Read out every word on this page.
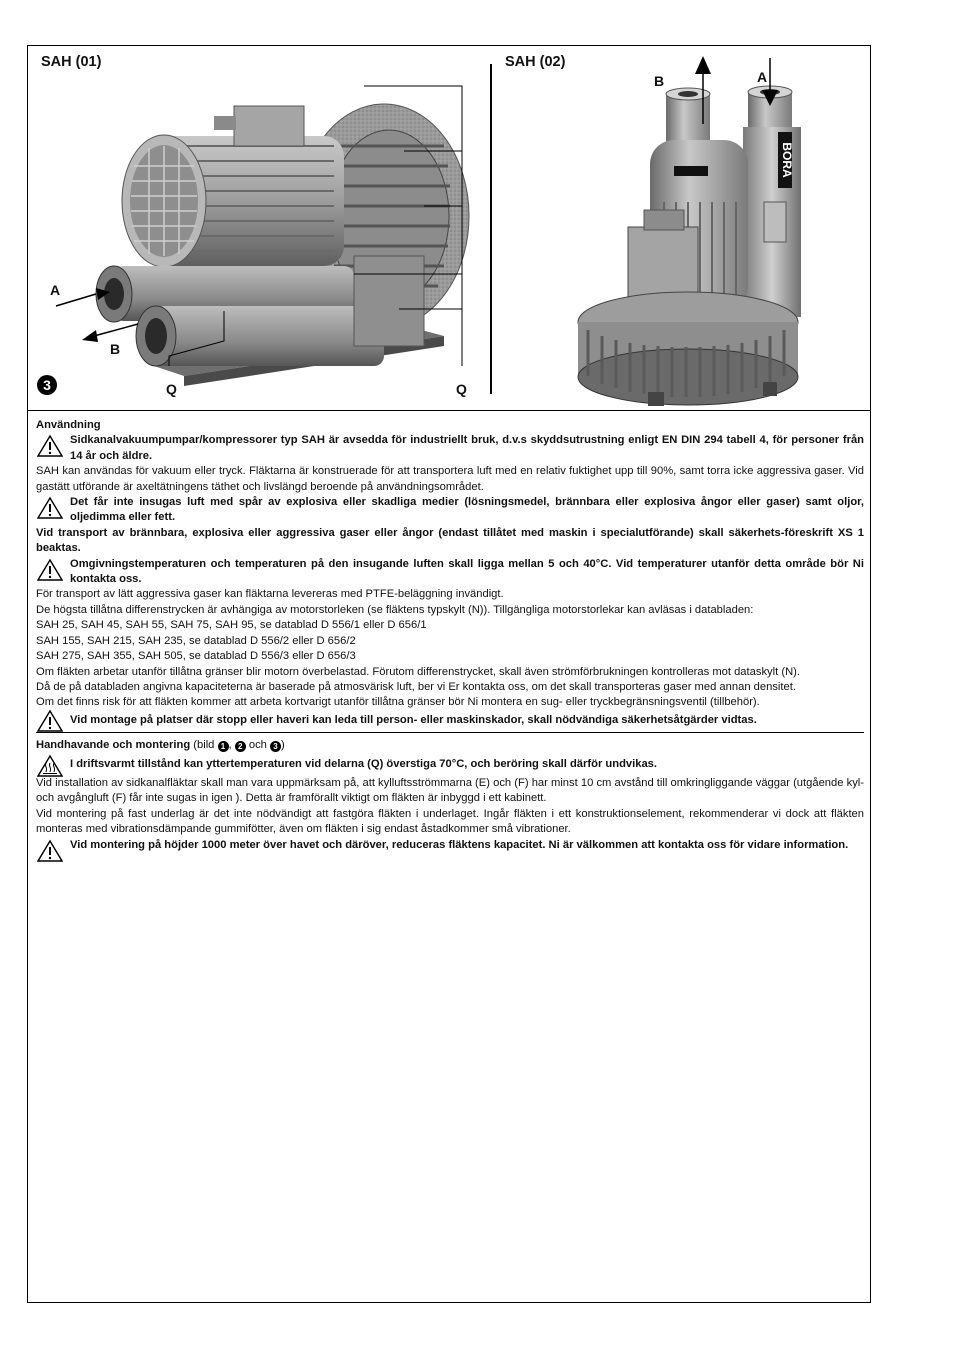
SAH (01)
A
B
Q	Q
3
SAH (02)
BORA
B	A

Användning

Sidkanalvakuumpumpar/kompressorer typ SAH är avsedda för industriellt bruk, d.v.s skyddsutrustning enligt EN DIN 294 tabell 4, för personer från 14 år och äldre.

SAH kan användas för vakuum eller tryck. Fläktarna är konstruerade för att transportera luft med en relativ fuktighet upp till 90%, samt torra icke aggressiva gaser. Vid gastätt utförande är axeltätningens täthet och livslängd beroende på användningsområdet.

Det får inte insugas luft med spår av explosiva eller skadliga medier (lösningsmedel, brännbara eller explosiva ångor eller gaser) samt oljor, oljedimma eller fett.

Vid transport av brännbara, explosiva eller aggressiva gaser eller ångor (endast tillåtet med maskin i specialutförande) skall säkerhets-föreskrift XS 1 beaktas.

Omgivningstemperaturen och temperaturen på den insugande luften skall ligga mellan 5 och 40°C. Vid temperaturer utanför detta område bör Ni kontakta oss.

För transport av lätt aggressiva gaser kan fläktarna levereras med PTFE-beläggning invändigt.

De högsta tillåtna differenstrycken är avhängiga av motorstorleken (se fläktens typskylt (N)). Tillgängliga motorstorlekar kan avläsas i databladen:

SAH 25, SAH 45, SAH 55, SAH 75, SAH 95, se datablad D 556/1 eller D 656/1

SAH 155, SAH 215, SAH 235, se datablad D 556/2 eller D 656/2

SAH 275, SAH 355, SAH 505, se datablad D 556/3 eller D 656/3

Om fläkten arbetar utanför tillåtna gränser blir motorn överbelastad. Förutom differenstrycket, skall även strömförbrukningen kontrolleras mot dataskylt (N).

Då de på databladen angivna kapaciteterna är baserade på atmosvärisk luft, ber vi Er kontakta oss, om det skall transporteras gaser med annan densitet.

Om det finns risk för att fläkten kommer att arbeta kortvarigt utanför tillåtna gränser bör Ni montera en sug- eller tryckbegränsningsventil (tillbehör).

Vid montage på platser där stopp eller haveri kan leda till person- eller maskinskador, skall nödvändiga säkerhetsåtgärder vidtas.

Handhavande och montering (bild 1 , 2 och 3 )

I driftsvarmt tillstånd kan yttertemperaturen vid delarna (Q) överstiga 70°C, och beröring skall därför undvikas.

Vid installation av sidkanalfläktar skall man vara uppmärksam på, att kylluftsströmmarna (E) och (F) har minst 10 cm avstånd till omkringliggande väggar (utgående kyl- och avgångluft (F) får inte sugas in igen ). Detta är framförallt viktigt om fläkten är inbyggd i ett kabinett.

Vid montering på fast underlag är det inte nödvändigt att fastgöra fläkten i underlaget. Ingår fläkten i ett konstruktionselement, rekommenderar vi dock att fläkten monteras med vibrationsdämpande gummifötter, även om fläkten i sig endast åstadkommer små vibrationer.

Vid montering på höjder 1000 meter över havet och däröver, reduceras fläktens kapacitet. Ni är välkommen att kontakta oss för vidare information.
